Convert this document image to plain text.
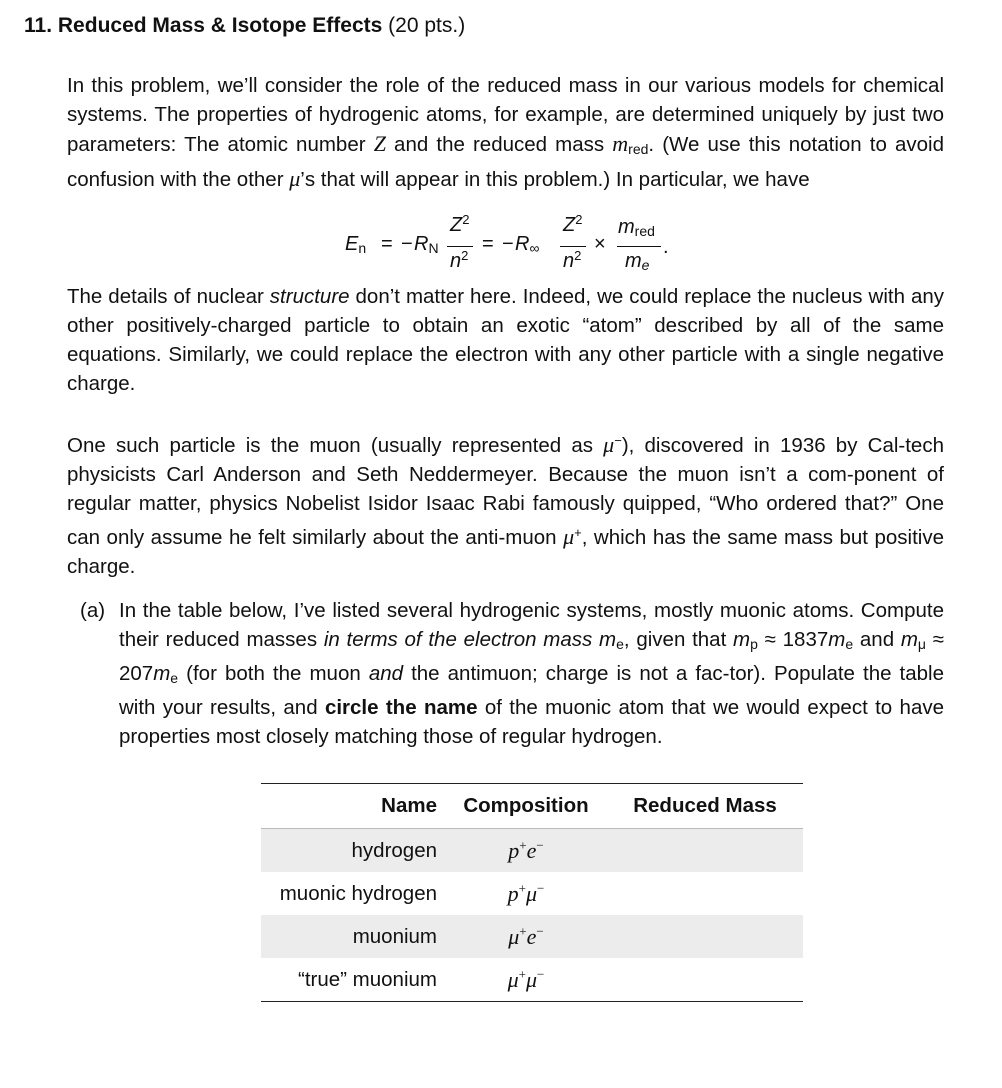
11. Reduced Mass & Isotope Effects (20 pts.)

In this problem, we’ll consider the role of the reduced mass in our various models for chemical systems. The properties of hydrogenic atoms, for example, are determined uniquely by just two parameters: The atomic number Z and the reduced mass $m_{red}$. (We use this notation to avoid confusion with the other μ’s that will appear in this problem.) In particular, we have

$E_n$ = − $R_N$
$Z^2$
$n^2$
= − $R_\infty$
$Z^2$
$n^2$
×
$m_{red}$
$m_e$
.

The details of nuclear structure don’t matter here. Indeed, we could replace the nucleus with any other positively-charged particle to obtain an exotic “atom” described by all of the same equations. Similarly, we could replace the electron with any other particle with a single negative charge.

One such particle is the muon (usually represented as μ−), discovered in 1936 by Cal-tech physicists Carl Anderson and Seth Neddermeyer. Because the muon isn’t a com-ponent of regular matter, physics Nobelist Isidor Isaac Rabi famously quipped, “Who ordered that?” One can only assume he felt similarly about the anti-muon μ+, which has the same mass but positive charge.

(a) In the table below, I’ve listed several hydrogenic systems, mostly muonic atoms. Compute their reduced masses in terms of the electron mass $m_e$, given that $m_p \approx 1837m_e$ and $m_\mu \approx 207m_e$ (for both the muon and the antimuon; charge is not a fac-tor). Populate the table with your results, and circle the name of the muonic atom that we would expect to have properties most closely matching those of regular hydrogen.
Name	Composition	Reduced Mass
hydrogen	p+e−	
muonic hydrogen	p+μ−	
muonium	μ+e−	
“true” muonium	μ+μ−	
